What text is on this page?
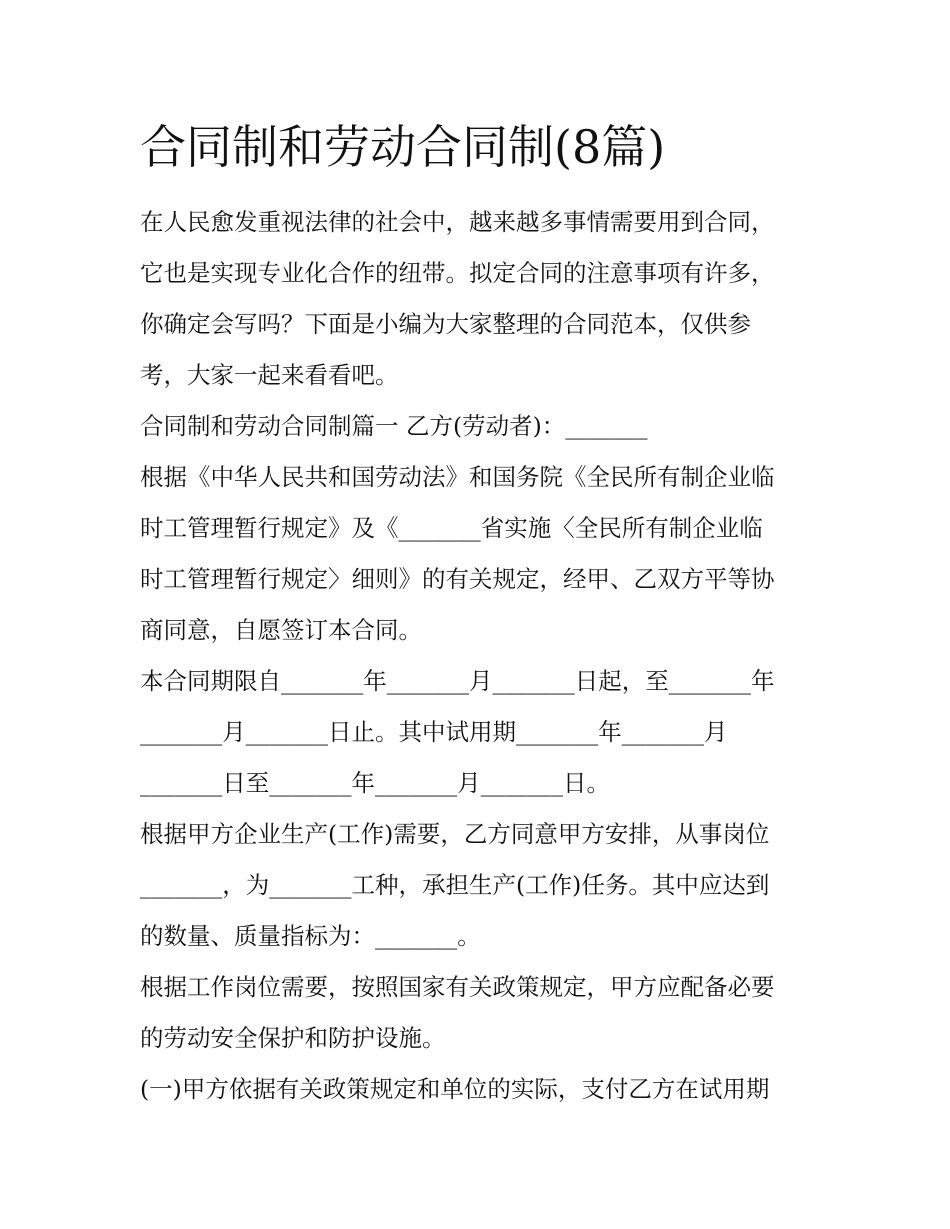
合同制和劳动合同制(8篇)
在人民愈发重视法律的社会中，越来越多事情需要用到合同，
它也是实现专业化合作的纽带。拟定合同的注意事项有许多，
你确定会写吗？下面是小编为大家整理的合同范本，仅供参
考，大家一起来看看吧。
合同制和劳动合同制篇一 乙方(劳动者)：_______
根据《中华人民共和国劳动法》和国务院《全民所有制企业临
时工管理暂行规定》及《_______省实施〈全民所有制企业临
时工管理暂行规定〉细则》的有关规定，经甲、乙双方平等协
商同意，自愿签订本合同。
本合同期限自_______年_______月_______日起，至_______年
_______月_______日止。其中试用期_______年_______月
_______日至_______年_______月_______日。
根据甲方企业生产(工作)需要，乙方同意甲方安排，从事岗位
_______，为_______工种，承担生产(工作)任务。其中应达到
的数量、质量指标为：_______。
根据工作岗位需要，按照国家有关政策规定，甲方应配备必要
的劳动安全保护和防护设施。
(一)甲方依据有关政策规定和单位的实际，支付乙方在试用期
